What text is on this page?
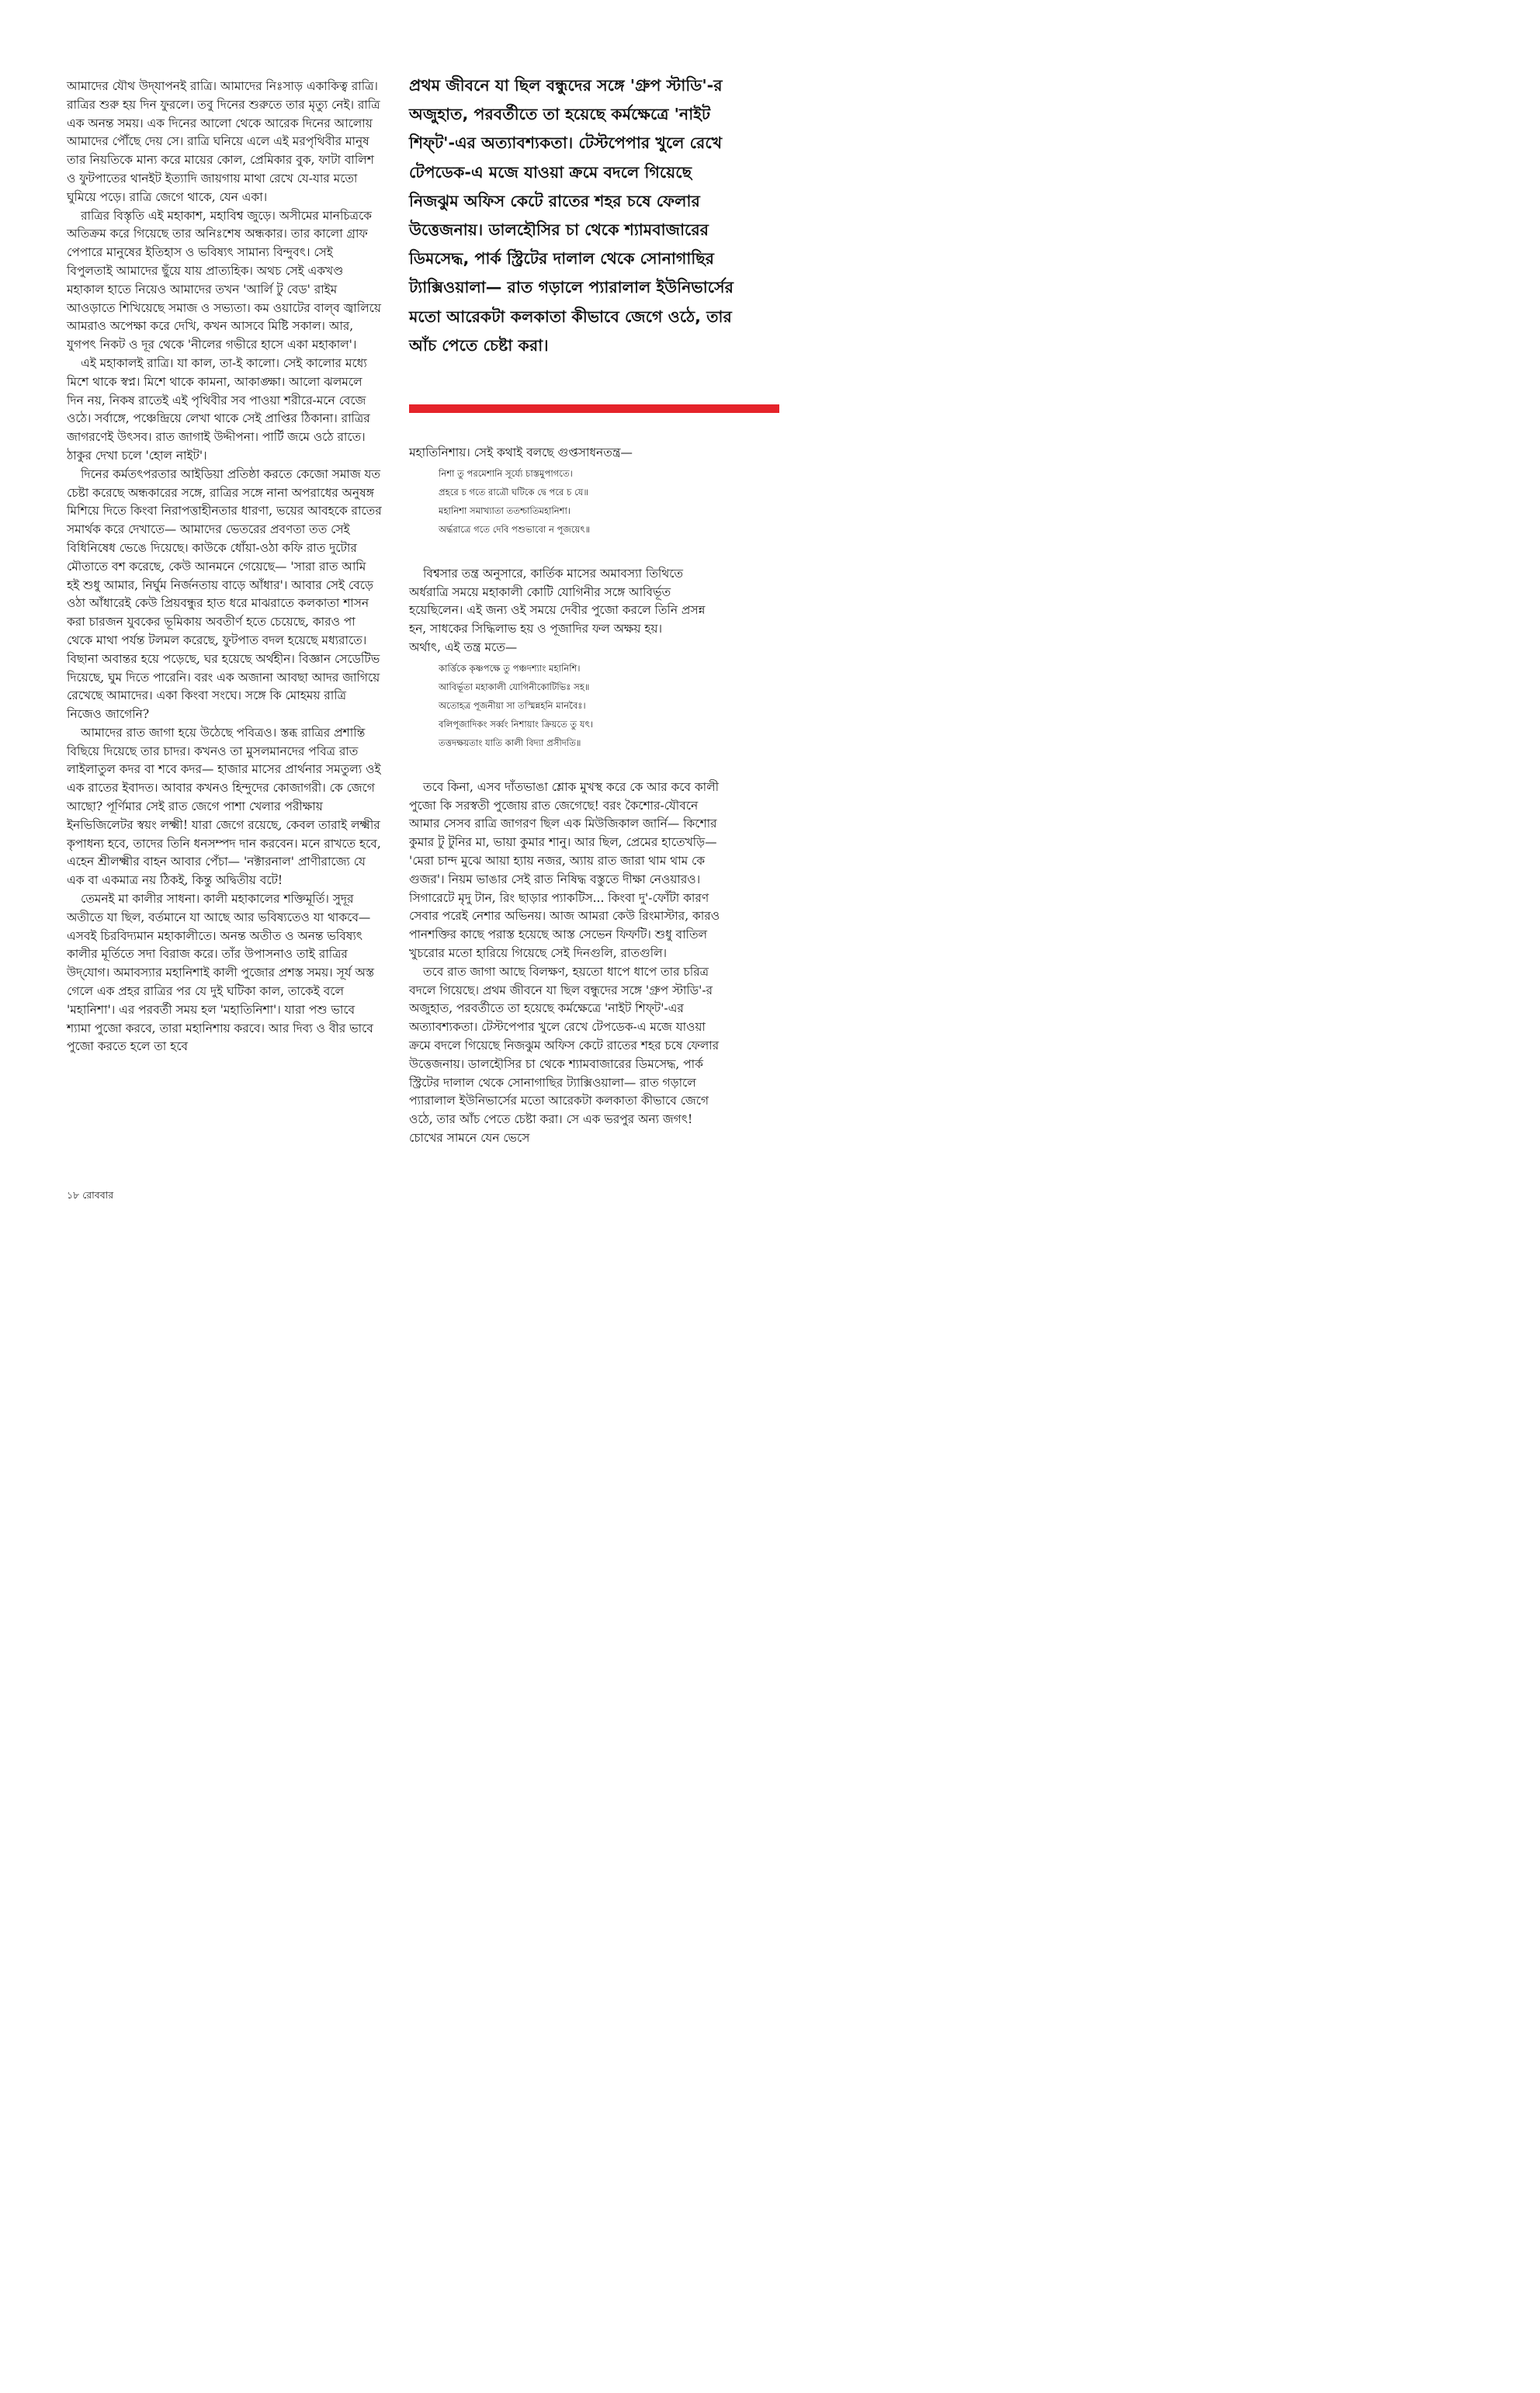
আমাদের যৌথ উদ্‌যাপনই রাত্রি। আমাদের নিঃসাড় একাকিত্ব রাত্রি। রাত্রির শুরু হয় দিন ফুরলে। তবু দিনের শুরুতে তার মৃত্যু নেই। রাত্রি এক অনন্ত সময়। এক দিনের আলো থেকে আরেক দিনের আলোয় আমাদের পৌঁছে দেয় সে। রাত্রি ঘনিয়ে এলে এই মরপৃথিবীর মানুষ তার নিয়তিকে মান্য করে মায়ের কোল, প্রেমিকার বুক, ফাটা বালিশ ও ফুটপাতের থানইট ইত্যাদি জায়গায় মাথা রেখে যে-যার মতো ঘুমিয়ে পড়ে। রাত্রি জেগে থাকে, যেন একা।

রাত্রির বিস্তৃতি এই মহাকাশ, মহাবিশ্ব জুড়ে। অসীমের মানচিত্রকে অতিক্রম করে গিয়েছে তার অনিঃশেষ অন্ধকার। তার কালো গ্রাফ পেপারে মানুষের ইতিহাস ও ভবিষ্যৎ সামান্য বিন্দুবৎ। সেই বিপুলতাই আমাদের ছুঁয়ে যায় প্রাত্যহিক। অথচ সেই একখণ্ড মহাকাল হাতে নিয়েও আমাদের তখন 'আর্লি টু বেড' রাইম আওড়াতে শিখিয়েছে সমাজ ও সভ্যতা। কম ওয়াটের বাল্‌ব জ্বালিয়ে আমরাও অপেক্ষা করে দেখি, কখন আসবে মিষ্টি সকাল। আর, যুগপৎ নিকট ও দূর থেকে 'নীলের গভীরে হাসে একা মহাকাল'।

এই মহাকালই রাত্রি। যা কাল, তা-ই কালো। সেই কালোর মধ্যে মিশে থাকে স্বপ্ন। মিশে থাকে কামনা, আকাঙ্ক্ষা। আলো ঝলমলে দিন নয়, নিকষ রাতেই এই পৃথিবীর সব পাওয়া শরীরে-মনে বেজে ওঠে। সর্বাঙ্গে, পঞ্চেন্দ্রিয়ে লেখা থাকে সেই প্রাপ্তির ঠিকানা। রাত্রির জাগরণেই উৎসব। রাত জাগাই উদ্দীপনা। পার্টি জমে ওঠে রাতে। ঠাকুর দেখা চলে 'হোল নাইট'।

দিনের কর্মতৎপরতার আইডিয়া প্রতিষ্ঠা করতে কেজো সমাজ যত চেষ্টা করেছে অন্ধকারের সঙ্গে, রাত্রির সঙ্গে নানা অপরাধের অনুষঙ্গ মিশিয়ে দিতে কিংবা নিরাপত্তাহীনতার ধারণা, ভয়ের আবহকে রাতের সমার্থক করে দেখাতে— আমাদের ভেতরের প্রবণতা তত সেই বিধিনিষেধ ভেঙে দিয়েছে। কাউকে ধোঁয়া-ওঠা কফি রাত দুটোর মৌতাতে বশ করেছে, কেউ আনমনে গেয়েছে— 'সারা রাত আমি হই শুধু আমার, নির্ঘুম নির্জনতায় বাড়ে আঁধার'। আবার সেই বেড়ে ওঠা আঁধারেই কেউ প্রিয়বন্ধুর হাত ধরে মাঝরাতে কলকাতা শাসন করা চারজন যুবকের ভূমিকায় অবতীর্ণ হতে চেয়েছে, কারও পা থেকে মাথা পর্যন্ত টলমল করেছে, ফুটপাত বদল হয়েছে মধ্যরাতে। বিছানা অবান্তর হয়ে পড়েছে, ঘর হয়েছে অর্থহীন। বিজ্ঞান সেডেটিভ দিয়েছে, ঘুম দিতে পারেনি। বরং এক অজানা আবছা আদর জাগিয়ে রেখেছে আমাদের। একা কিংবা সংঘে। সঙ্গে কি মোহময় রাত্রি নিজেও জাগেনি?

আমাদের রাত জাগা হয়ে উঠেছে পবিত্রও। স্তব্ধ রাত্রির প্রশান্তি বিছিয়ে দিয়েছে তার চাদর। কখনও তা মুসলমানদের পবিত্র রাত লাইলাতুল কদর বা শবে কদর— হাজার মাসের প্রার্থনার সমতুল্য ওই এক রাতের ইবাদত। আবার কখনও হিন্দুদের কোজাগরী। কে জেগে আছো? পূর্ণিমার সেই রাত জেগে পাশা খেলার পরীক্ষায় ইনভিজিলেটর স্বয়ং লক্ষ্মী! যারা জেগে রয়েছে, কেবল তারাই লক্ষ্মীর কৃপাধন্য হবে, তাদের তিনি ধনসম্পদ দান করবেন। মনে রাখতে হবে, এহেন শ্রীলক্ষ্মীর বাহন আবার পেঁচা— 'নক্টারনাল' প্রাণীরাজ্যে যে এক বা একমাত্র নয় ঠিকই, কিন্তু অদ্বিতীয় বটে!

তেমনই মা কালীর সাধনা। কালী মহাকালের শক্তিমূর্তি। সুদূর অতীতে যা ছিল, বর্তমানে যা আছে আর ভবিষ্যতেও যা থাকবে— এসবই চিরবিদ্যমান মহাকালীতে। অনন্ত অতীত ও অনন্ত ভবিষ্যৎ কালীর মূর্তিতে সদা বিরাজ করে। তাঁর উপাসনাও তাই রাত্রির উদ্‌যোগ। অমাবস্যার মহানিশাই কালী পুজোর প্রশস্ত সময়। সূর্য অস্ত গেলে এক প্রহর রাত্রির পর যে দুই ঘটিকা কাল, তাকেই বলে 'মহানিশা'। এর পরবর্তী সময় হল 'মহাতিনিশা'। যারা পশু ভাবে শ্যামা পুজো করবে, তারা মহানিশায় করবে। আর দিব্য ও বীর ভাবে পুজো করতে হলে তা হবে

প্রথম জীবনে যা ছিল বন্ধুদের সঙ্গে 'গ্রুপ স্টাডি'-র অজুহাত, পরবর্তীতে তা হয়েছে কর্মক্ষেত্রে 'নাইট শিফ্‌ট'-এর অত্যাবশ্যকতা। টেস্টপেপার খুলে রেখে টেপডেক-এ মজে যাওয়া ক্রমে বদলে গিয়েছে নিজঝুম অফিস কেটে রাতের শহর চষে ফেলার উত্তেজনায়। ডালহৌসির চা থেকে শ্যামবাজারের ডিমসেদ্ধ, পার্ক স্ট্রিটের দালাল থেকে সোনাগাছির ট্যাক্সিওয়ালা— রাত গড়ালে প্যারালাল ইউনিভার্সের মতো আরেকটা কলকাতা কীভাবে জেগে ওঠে, তার আঁচ পেতে চেষ্টা করা।

মহাতিনিশায়। সেই কথাই বলছে গুপ্তসাধনতন্ত্র—

নিশা তু পরমেশানি সূর্য্যে চাস্তমুপাগতে।
প্রহরে চ গতে রাত্রৌ ঘটিকে দ্বে পরে চ যে॥
মহানিশা সমাখ্যাতা ততশ্চাতিমহানিশা।
অর্দ্ধরাত্রে গতে দেবি পশুভাবো ন পূজয়েৎ॥

বিশ্বসার তন্ত্র অনুসারে, কার্তিক মাসের অমাবস্যা তিথিতে অর্ধরাত্রি সময়ে মহাকালী কোটি যোগিনীর সঙ্গে আবির্ভূত হয়েছিলেন। এই জন্য ওই সময়ে দেবীর পুজো করলে তিনি প্রসন্ন হন, সাধকের সিদ্ধিলাভ হয় ও পূজাদির ফল অক্ষয় হয়।

অর্থাৎ, এই তন্ত্র মতে—

কার্ত্তিকে কৃষ্ণপক্ষে তু পঞ্চদশ্যাং মহানিশি।
আবির্ভূতা মহাকালী যোগিনীকোটিভিঃ সহ॥
অতোহত্র পূজনীয়া সা তস্মিন্নহনি মানবৈঃ।
বলিপূজাদিকং সর্ব্বং নিশায়াং ক্রিয়তে তু যৎ।
তত্তদক্ষয়তাং যাতি কালী বিদ্যা প্রসীদতি॥

তবে কিনা, এসব দাঁতভাঙা শ্লোক মুখস্থ করে কে আর কবে কালী পুজো কি সরস্বতী পুজোয় রাত জেগেছে! বরং কৈশোর-যৌবনে আমার সেসব রাত্রি জাগরণ ছিল এক মিউজিকাল জার্নি— কিশোর কুমার টু টুনির মা, ভায়া কুমার শানু। আর ছিল, প্রেমের হাতেখড়ি— 'মেরা চান্দ মুঝে আয়া হ্যায় নজর, অ্যায় রাত জারা থাম থাম কে গুজর'। নিয়ম ভাঙার সেই রাত নিষিদ্ধ বস্তুতে দীক্ষা নেওয়ারও। সিগারেটে মৃদু টান, রিং ছাড়ার প্যাকটিস... কিংবা দু'-ফোঁটা কারণ সেবার পরেই নেশার অভিনয়। আজ আমরা কেউ রিংমাস্টার, কারও পানশক্তির কাছে পরাস্ত হয়েছে আস্ত সেভেন ফিফটি। শুধু বাতিল খুচরোর মতো হারিয়ে গিয়েছে সেই দিনগুলি, রাতগুলি।

তবে রাত জাগা আছে বিলক্ষণ, হয়তো ধাপে ধাপে তার চরিত্র বদলে গিয়েছে। প্রথম জীবনে যা ছিল বন্ধুদের সঙ্গে 'গ্রুপ স্টাডি'-র অজুহাত, পরবর্তীতে তা হয়েছে কর্মক্ষেত্রে 'নাইট শিফ্‌ট'-এর অত্যাবশ্যকতা। টেস্টপেপার খুলে রেখে টেপডেক-এ মজে যাওয়া ক্রমে বদলে গিয়েছে নিজঝুম অফিস কেটে রাতের শহর চষে ফেলার উত্তেজনায়। ডালহৌসির চা থেকে শ্যামবাজারের ডিমসেদ্ধ, পার্ক স্ট্রিটের দালাল থেকে সোনাগাছির ট্যাক্সিওয়ালা— রাত গড়ালে প্যারালাল ইউনিভার্সের মতো আরেকটা কলকাতা কীভাবে জেগে ওঠে, তার আঁচ পেতে চেষ্টা করা। সে এক ভরপুর অন্য জগৎ! চোখের সামনে যেন ভেসে

১৮ রোববার
